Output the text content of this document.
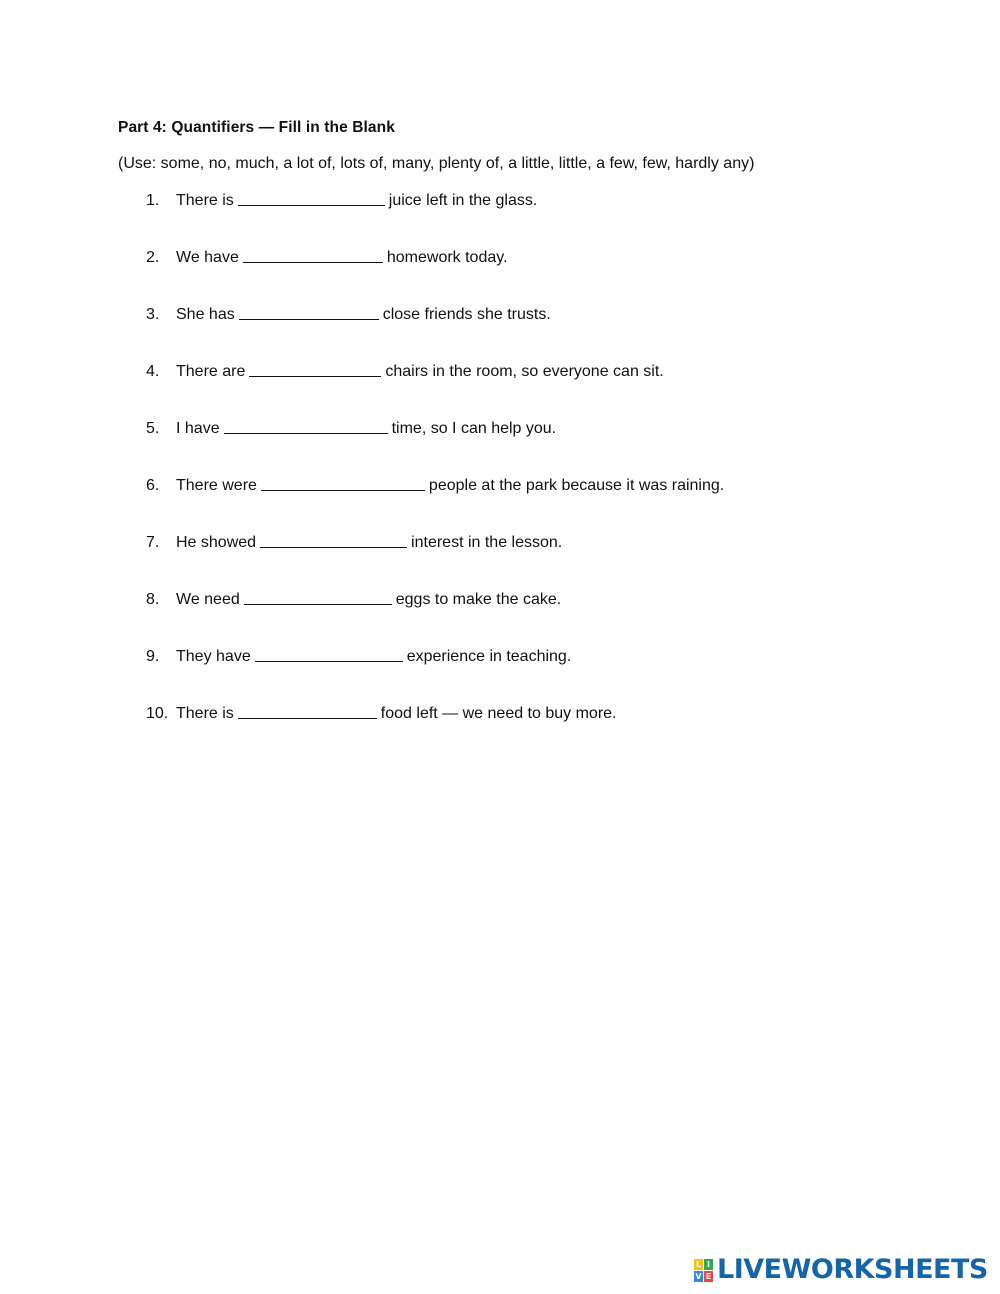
Part 4: Quantifiers — Fill in the Blank
(Use: some, no, much, a lot of, lots of, many, plenty of, a little, little, a few, few, hardly any)
1.	There is	juice left in the glass.
2.	We have	homework today.
3.	She has	close friends she trusts.
4.	There are	chairs in the room, so everyone can sit.
5.	I have	time, so I can help you.
6.	There were	people at the park because it was raining.
7.	He showed	interest in the lesson.
8.	We need	eggs to make the cake.
9.	They have	experience in teaching.
10. There is	food left — we need to buy more.
L I
V E LIVEWORKSHEETS
